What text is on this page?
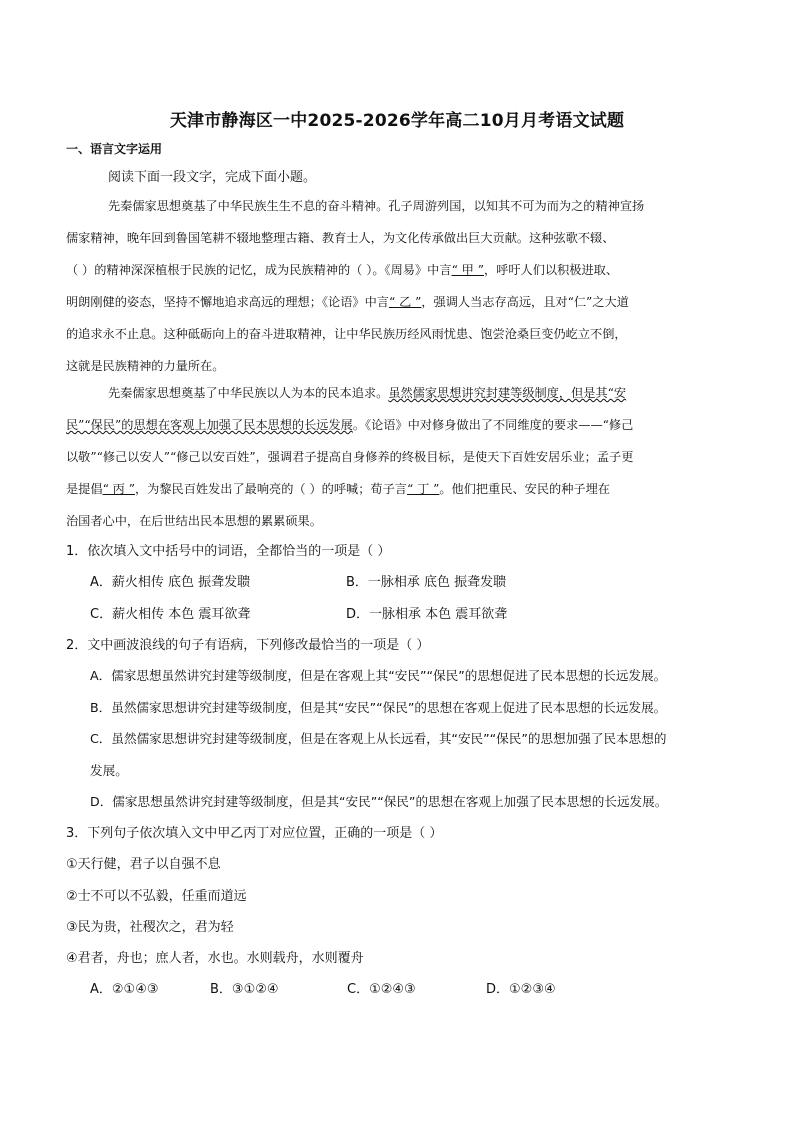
天津市静海区一中2025-2026学年高二10月月考语文试题
一、语言文字运用
阅读下面一段文字，完成下面小题。
先秦儒家思想奠基了中华民族生生不息的奋斗精神。孔子周游列国，以知其不可为而为之的精神宣扬
儒家精神，晚年回到鲁国笔耕不辍地整理古籍、教育士人，为文化传承做出巨大贡献。这种弦歌不辍、
（ ）的精神深深植根于民族的记忆，成为民族精神的（ ）。《周易》中言“ 甲 ”，呼吁人们以积极进取、
明朗刚健的姿态，坚持不懈地追求高远的理想；《论语》中言“ 乙 ”，强调人当志存高远，且对“仁”之大道
的追求永不止息。这种砥砺向上的奋斗进取精神，让中华民族历经风雨忧患、饱尝沧桑巨变仍屹立不倒，
这就是民族精神的力量所在。
先秦儒家思想奠基了中华民族以人为本的民本追求。虽然儒家思想讲究封建等级制度，但是其“安
民”“保民”的思想在客观上加强了民本思想的长远发展。《论语》中对修身做出了不同维度的要求——“修己
以敬”“修己以安人”“修己以安百姓”，强调君子提高自身修养的终极目标，是使天下百姓安居乐业；孟子更
是提倡“ 丙 ”，为黎民百姓发出了最响亮的（ ）的呼喊；荀子言“ 丁 ”。他们把重民、安民的种子埋在
治国者心中，在后世结出民本思想的累累硕果。
1．依次填入文中括号中的词语，全都恰当的一项是（ ）
A．薪火相传 底色 振聋发聩	B．一脉相承 底色 振聋发聩
C．薪火相传 本色 震耳欲聋	D．一脉相承 本色 震耳欲聋
2．文中画波浪线的句子有语病，下列修改最恰当的一项是（ ）
A．儒家思想虽然讲究封建等级制度，但是在客观上其“安民”“保民”的思想促进了民本思想的长远发展。
B．虽然儒家思想讲究封建等级制度，但是其“安民”“保民”的思想在客观上促进了民本思想的长远发展。
C．虽然儒家思想讲究封建等级制度，但是在客观上从长远看，其“安民”“保民”的思想加强了民本思想的
发展。
D．儒家思想虽然讲究封建等级制度，但是其“安民”“保民”的思想在客观上加强了民本思想的长远发展。
3．下列句子依次填入文中甲乙丙丁对应位置，正确的一项是（ ）
①天行健，君子以自强不息
②士不可以不弘毅，任重而道远
③民为贵，社稷次之，君为轻
④君者，舟也；庶人者，水也。水则载舟，水则覆舟
A．②①④③	B．③①②④	C．①②④③	D．①②③④
